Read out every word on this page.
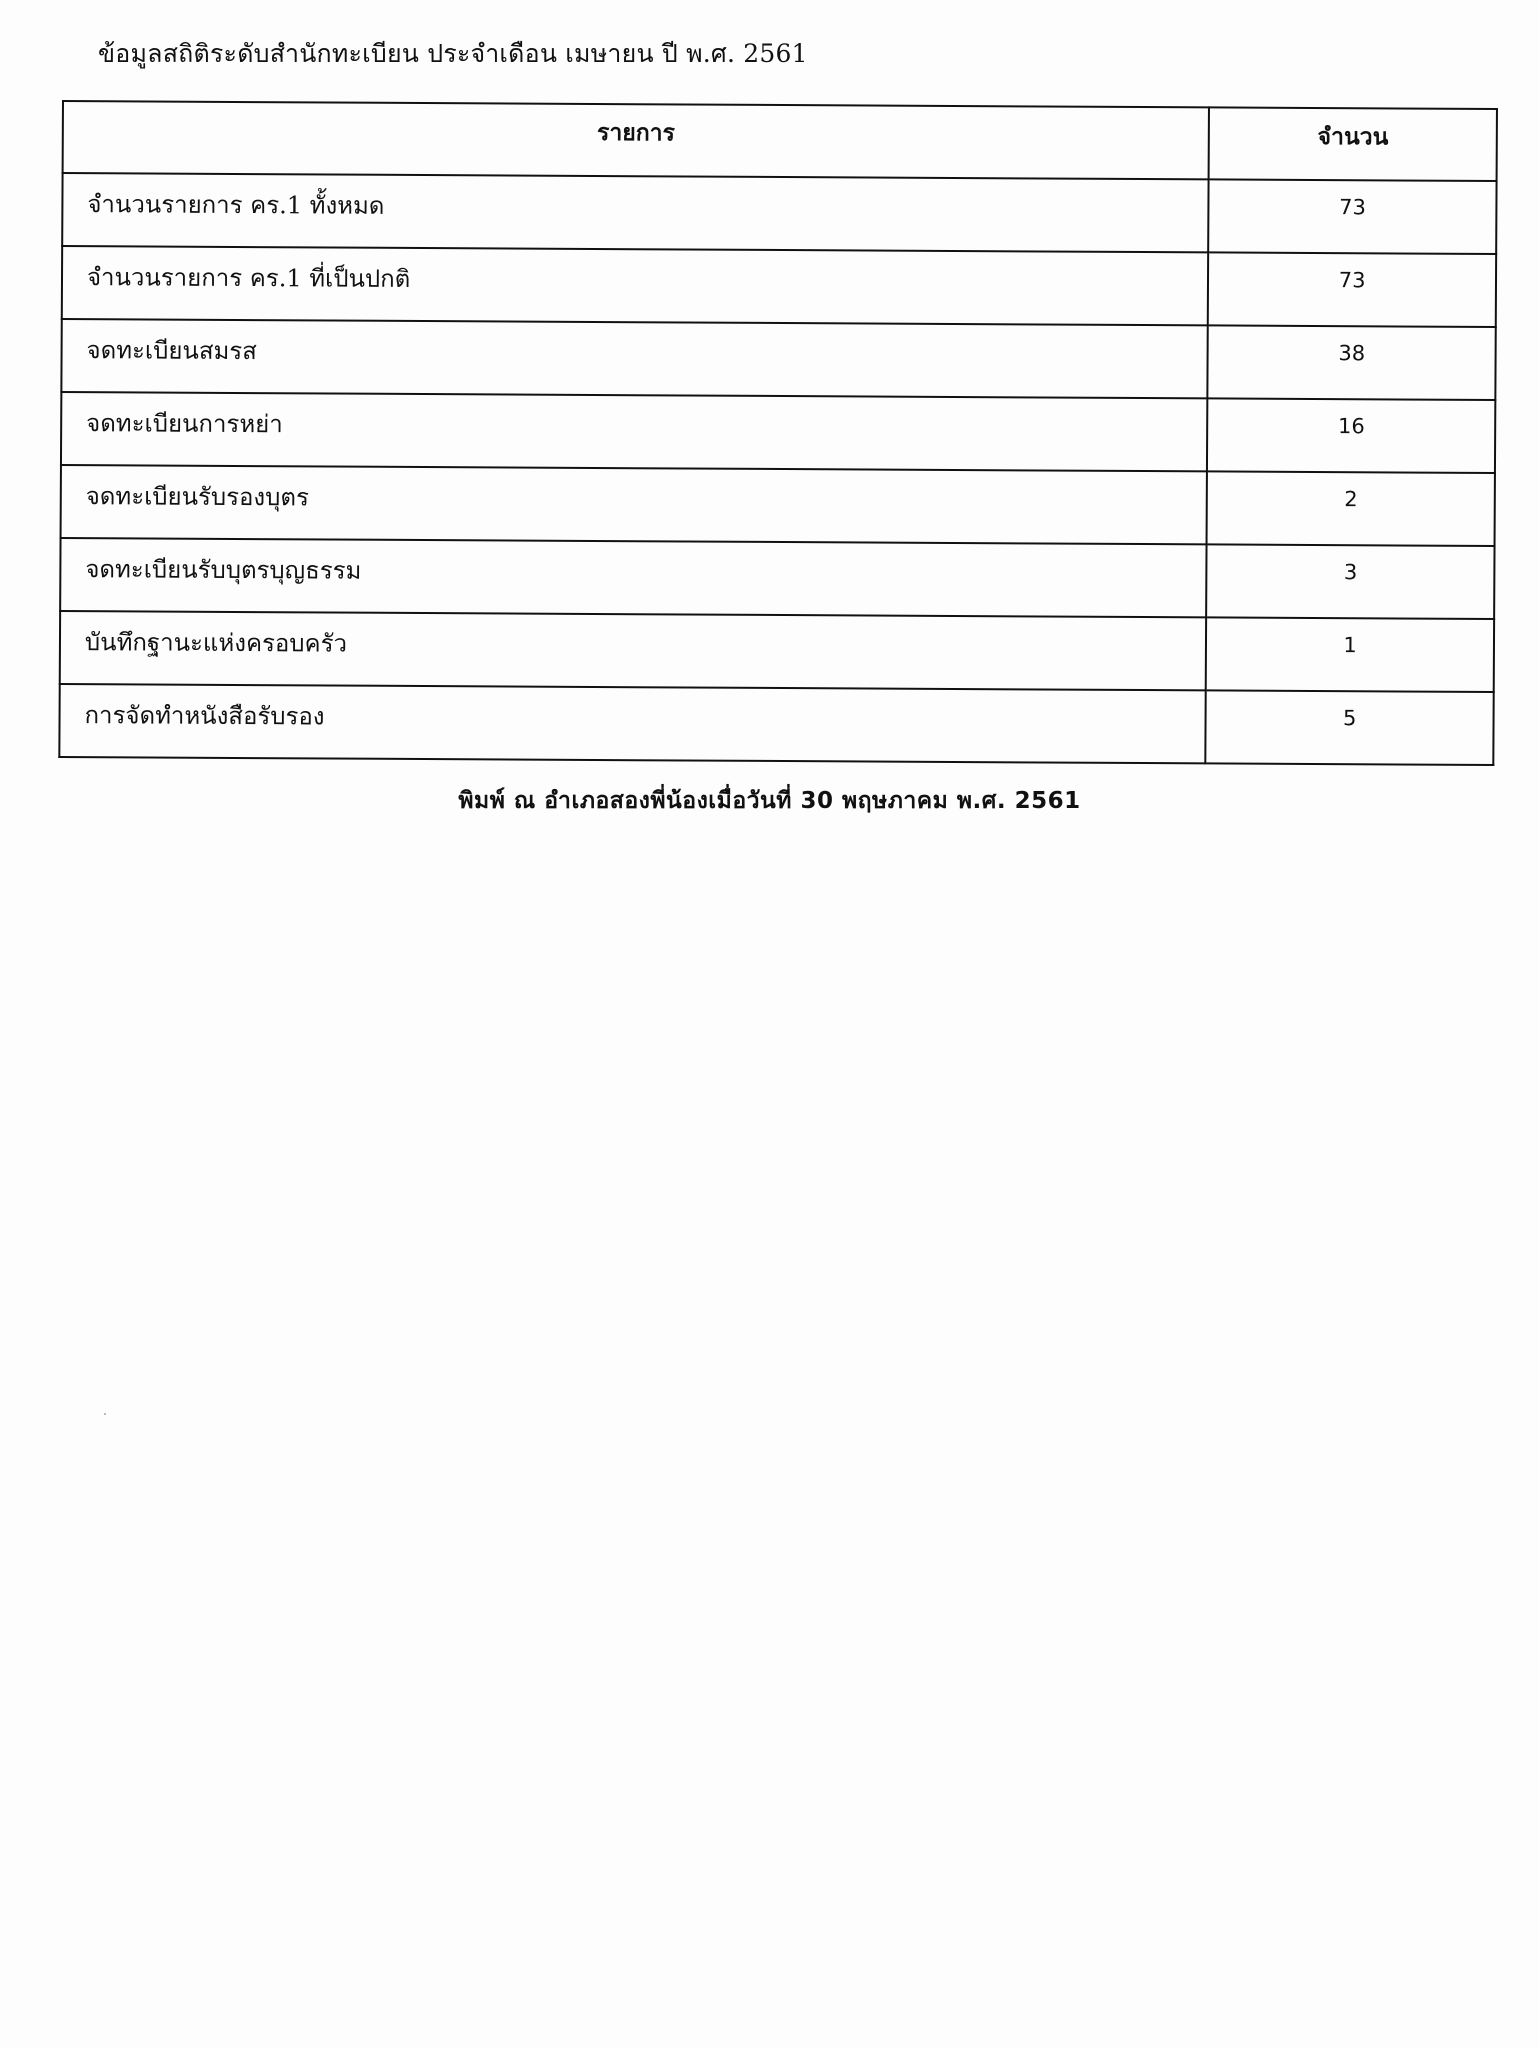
ข้อมูลสถิติระดับสำนักทะเบียน ประจำเดือน เมษายน ปี พ.ศ. 2561
รายการ	จำนวน

จำนวนรายการ คร.1 ทั้งหมด	73

จำนวนรายการ คร.1 ที่เป็นปกติ	73

จดทะเบียนสมรส	38

จดทะเบียนการหย่า	16

จดทะเบียนรับรองบุตร	2

จดทะเบียนรับบุตรบุญธรรม	3

บันทึกฐานะแห่งครอบครัว	1

การจัดทำหนังสือรับรอง	5
พิมพ์ ณ อำเภอสองพี่น้องเมื่อวันที่ 30 พฤษภาคม พ.ศ. 2561
